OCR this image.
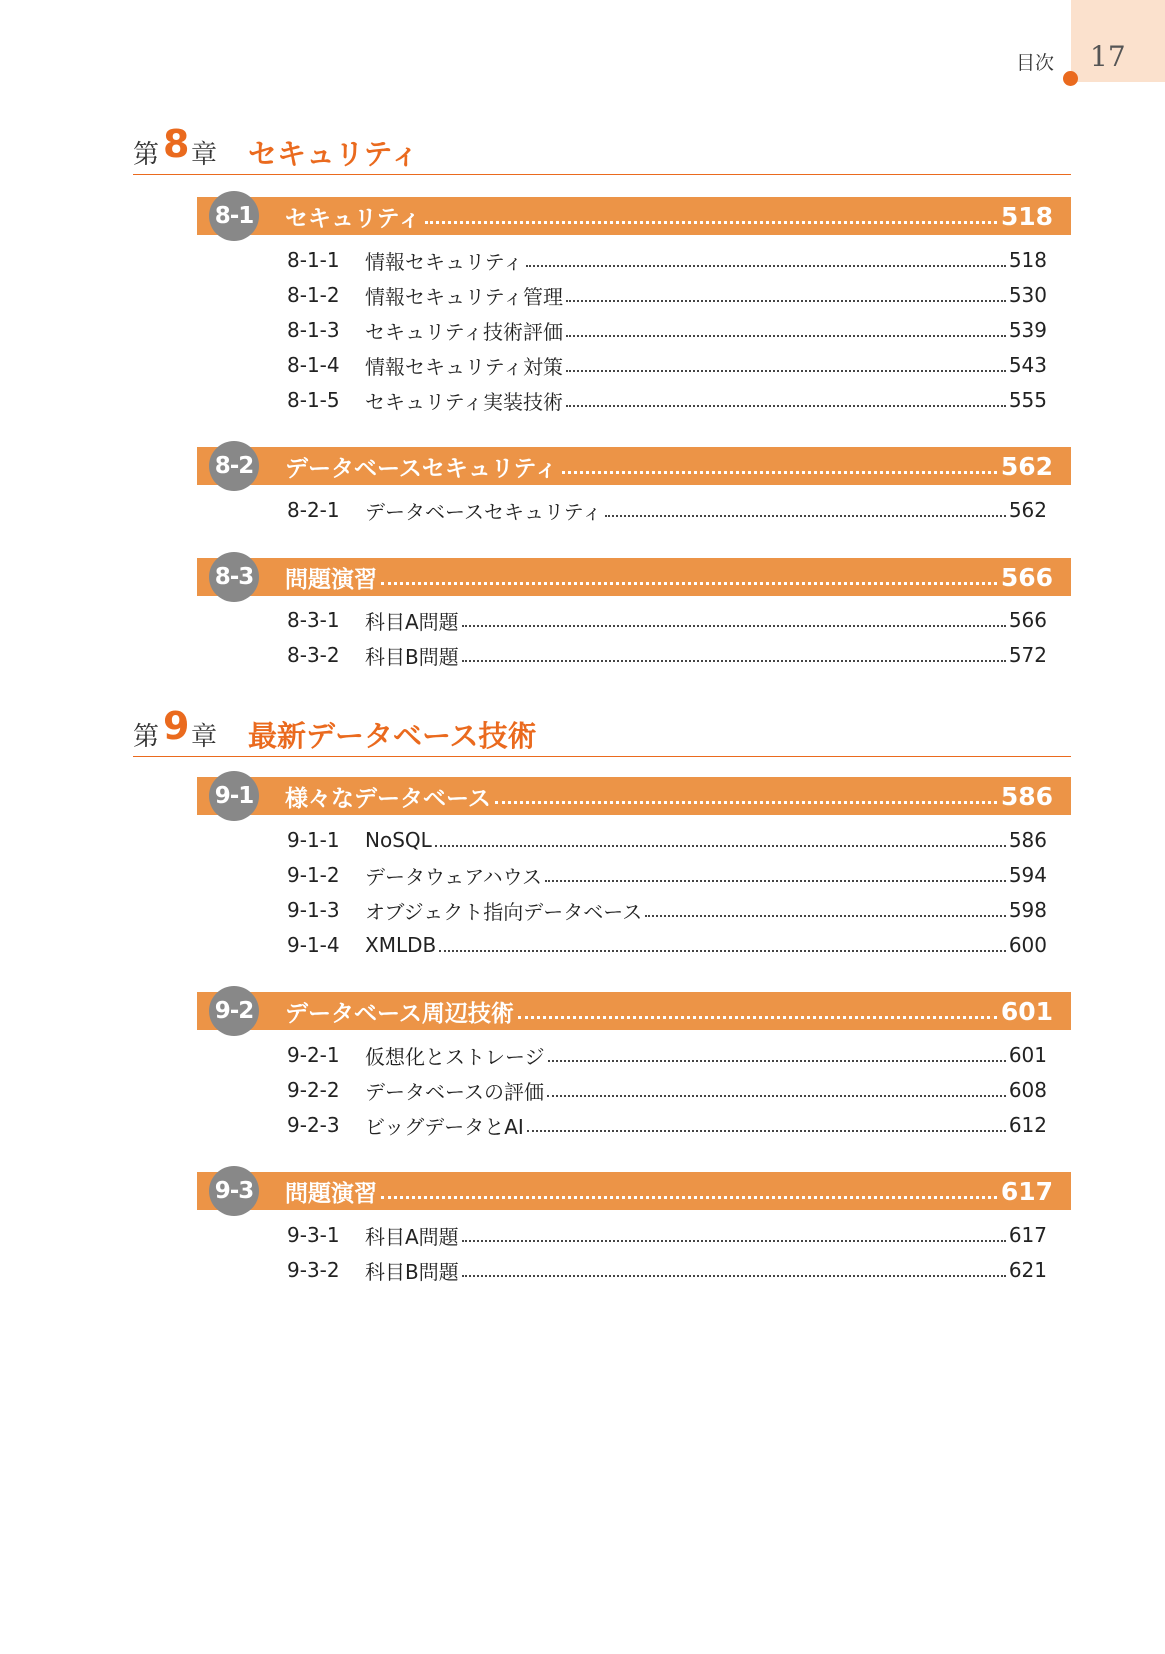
目次 17
第 8 章 セキュリティ
8-1 セキュリティ	518
8-1-1	情報セキュリティ	518
8-1-2	情報セキュリティ管理	530
8-1-3	セキュリティ技術評価	539
8-1-4	情報セキュリティ対策	543
8-1-5	セキュリティ実装技術	555
8-2 データベースセキュリティ	562
8-2-1	データベースセキュリティ	562
8-3 問題演習	566
8-3-1	科目A問題	566
8-3-2	科目B問題	572
第 9 章 最新データベース技術
9-1 様々なデータベース	586
9-1-1	NoSQL	586
9-1-2	データウェアハウス	594
9-1-3	オブジェクト指向データベース	598
9-1-4	XMLDB	600
9-2 データベース周辺技術	601
9-2-1	仮想化とストレージ	601
9-2-2	データベースの評価	608
9-2-3	ビッグデータとAI	612
9-3 問題演習	617
9-3-1	科目A問題	617
9-3-2	科目B問題	621
